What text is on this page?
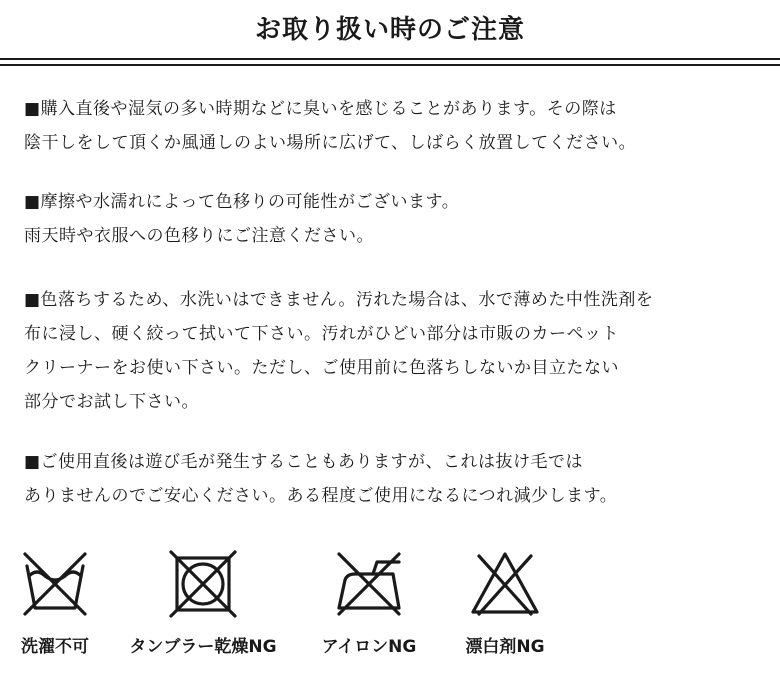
お取り扱い時のご注意

■購入直後や湿気の多い時期などに臭いを感じることがあります。その際は
陰干しをして頂くか風通しのよい場所に広げて、しばらく放置してください。

■摩擦や水濡れによって色移りの可能性がございます。
雨天時や衣服への色移りにご注意ください。

■色落ちするため、水洗いはできません。汚れた場合は、水で薄めた中性洗剤を
布に浸し、硬く絞って拭いて下さい。汚れがひどい部分は市販のカーペット
クリーナーをお使い下さい。ただし、ご使用前に色落ちしないか目立たない
部分でお試し下さい。

■ご使用直後は遊び毛が発生することもありますが、これは抜け毛では
ありませんのでご安心ください。ある程度ご使用になるにつれ減少します。

洗濯不可	タンブラー乾燥NG	アイロンNG	漂白剤NG
